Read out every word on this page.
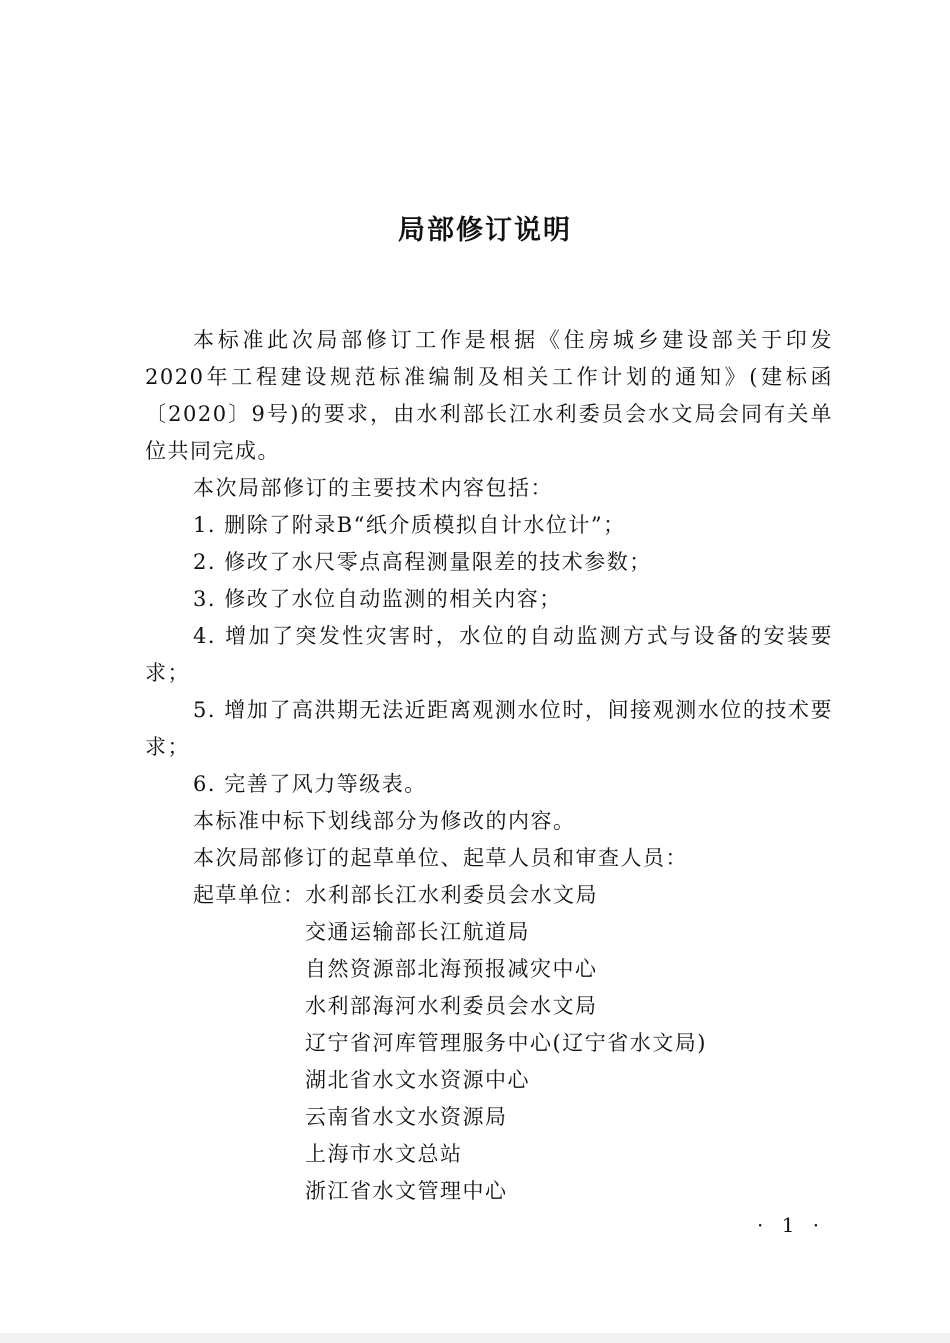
局部修订说明

本标准此次局部修订工作是根据《住房城乡建设部关于印发2020年工程建设规范标准编制及相关工作计划的通知》(建标函〔2020〕9号)的要求，由水利部长江水利委员会水文局会同有关单位共同完成。

本次局部修订的主要技术内容包括：

1. 删除了附录B“纸介质模拟自计水位计”；

2. 修改了水尺零点高程测量限差的技术参数；

3. 修改了水位自动监测的相关内容；

4. 增加了突发性灾害时，水位的自动监测方式与设备的安装要求；

5. 增加了高洪期无法近距离观测水位时，间接观测水位的技术要求；

6. 完善了风力等级表。

本标准中标下划线部分为修改的内容。

本次局部修订的起草单位、起草人员和审查人员：

起草单位：水利部长江水利委员会水文局
交通运输部长江航道局
自然资源部北海预报减灾中心
水利部海河水利委员会水文局
辽宁省河库管理服务中心(辽宁省水文局)
湖北省水文水资源中心
云南省水文水资源局
上海市水文总站
浙江省水文管理中心
· 1 ·
